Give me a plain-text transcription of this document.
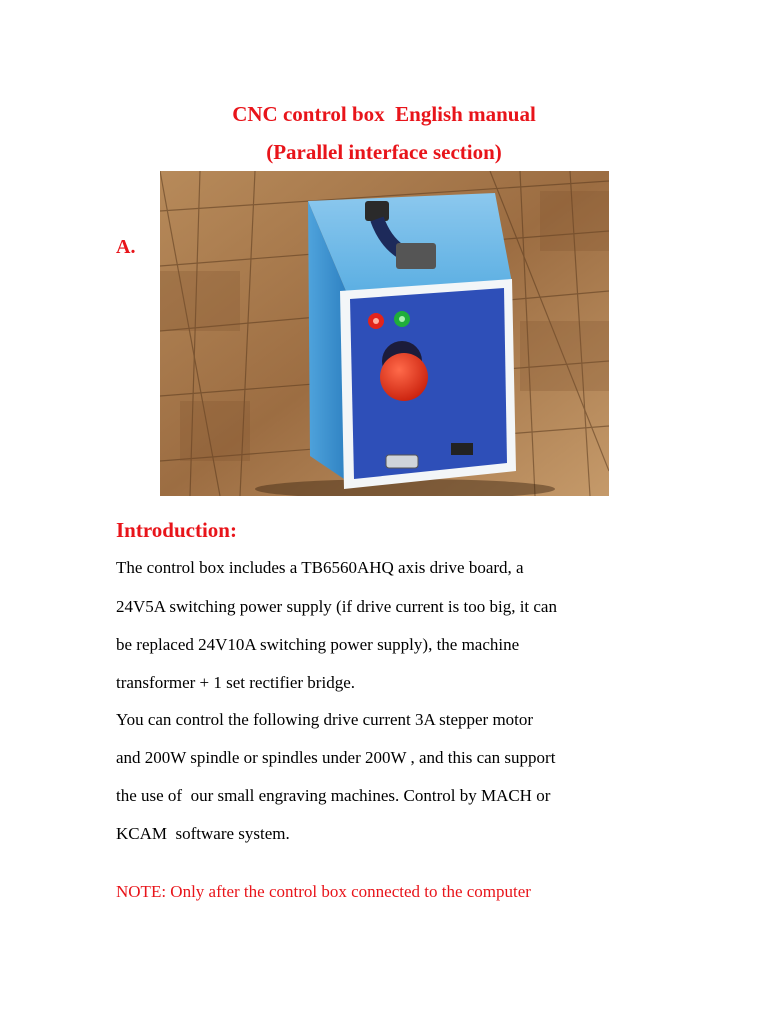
CNC control box  English manual
(Parallel interface section)
A.
Introduction:
The control box includes a TB6560AHQ axis drive board, a
24V5A switching power supply (if drive current is too big, it can
be replaced 24V10A switching power supply), the machine
transformer + 1 set rectifier bridge.
You can control the following drive current 3A stepper motor
and 200W spindle or spindles under 200W , and this can support
the use of  our small engraving machines. Control by MACH or
KCAM  software system.
NOTE: Only after the control box connected to the computer
